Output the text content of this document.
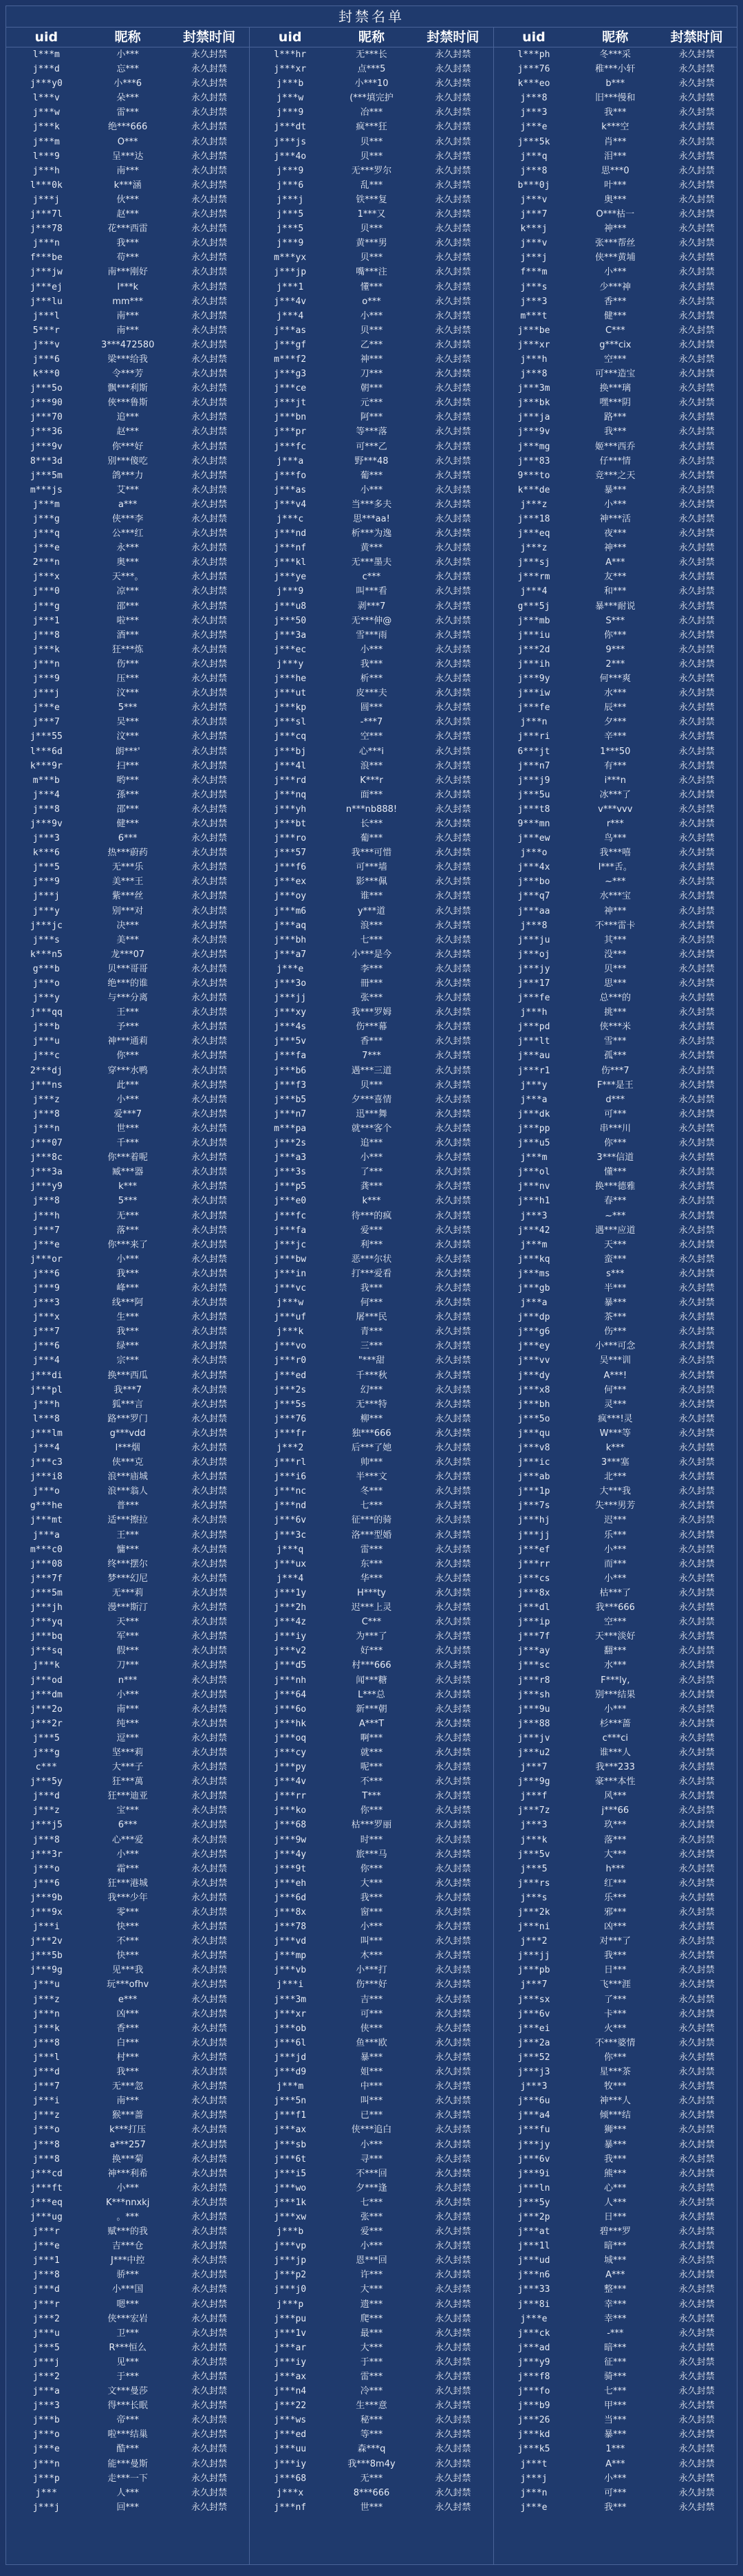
封禁名单
uid	昵称	封禁时间
l***m	小***	永久封禁
j***d	忘***	永久封禁
j***y0	小***6	永久封禁
l***v	朵***	永久封禁
j***w	雷***	永久封禁
j***k	绝***666	永久封禁
j***m	O***	永久封禁
l***9	呈***达	永久封禁
j***h	南***	永久封禁
l***0k	k***涵	永久封禁
j***j	伙***	永久封禁
j***7l	赵***	永久封禁
j***78	花***西雷	永久封禁
j***n	我***	永久封禁
f***be	苟***	永久封禁
j***jw	南***刚好	永久封禁
j***ej	l***k	永久封禁
j***lu	mm***	永久封禁
j***l	南***	永久封禁
5***r	南***	永久封禁
j***v	3***472580	永久封禁
j***6	梁***给我	永久封禁
k***0	令***芳	永久封禁
j***5o	飘***利斯	永久封禁
j***90	俠***鲁斯	永久封禁
j***70	追***	永久封禁
j***36	赵***	永久封禁
j***9v	你***好	永久封禁
8***3d	别***傻吃	永久封禁
j***5m	鸽***力	永久封禁
m***js	艾***	永久封禁
j***m	a***	永久封禁
j***g	侠***李	永久封禁
j***q	公***红	永久封禁
j***e	永***	永久封禁
2***n	奥***	永久封禁
j***x	天***。	永久封禁
j***0	凉***	永久封禁
j***g	邵***	永久封禁
j***1	啦***	永久封禁
j***8	酒***	永久封禁
j***k	狂***炼	永久封禁
j***n	伤***	永久封禁
j***9	压***	永久封禁
j***j	汶***	永久封禁
j***e	5***	永久封禁
j***7	吴***	永久封禁
j***55	汶***	永久封禁
l***6d	朗***'	永久封禁
k***9r	扫***	永久封禁
m***b	哟***	永久封禁
j***4	孫***	永久封禁
j***8	邵***	永久封禁
j***9v	健***	永久封禁
j***3	6***	永久封禁
k***6	热***蔚药	永久封禁
j***5	无***乐	永久封禁
j***9	美***王	永久封禁
j***j	紫***丝	永久封禁
j***y	别***对	永久封禁
j***jc	决***	永久封禁
j***s	美***	永久封禁
k***n5	龙***07	永久封禁
g***b	贝***哥哥	永久封禁
j***o	绝***的谁	永久封禁
j***y	与***分离	永久封禁
j***qq	王***	永久封禁
j***b	予***	永久封禁
j***u	神***通莉	永久封禁
j***c	你***	永久封禁
2***dj	穿***水鸭	永久封禁
j***ns	此***	永久封禁
j***z	小***	永久封禁
j***8	爱***7	永久封禁
j***n	世***	永久封禁
j***07	千***	永久封禁
j***8c	你***着呢	永久封禁
j***3a	臧***器	永久封禁
j***y9	k***	永久封禁
j***8	5***	永久封禁
j***h	无***	永久封禁
j***7	落***	永久封禁
j***e	你***来了	永久封禁
j***or	小***	永久封禁
j***6	我***	永久封禁
j***9	峰***	永久封禁
j***3	线***阿	永久封禁
j***x	生***	永久封禁
j***7	我***	永久封禁
j***6	绿***	永久封禁
j***4	宗***	永久封禁
j***di	换***西瓜	永久封禁
j***pl	我***7	永久封禁
j***h	狐***言	永久封禁
l***8	路***罗门	永久封禁
j***lm	g***vdd	永久封禁
j***4	l***烟	永久封禁
j***c3	侠***克	永久封禁
j***i8	浪***庙城	永久封禁
j***o	浪***翁人	永久封禁
g***he	普***	永久封禁
j***mt	适***擦拉	永久封禁
j***a	王***	永久封禁
m***c0	慵***	永久封禁
j***08	终***摆尔	永久封禁
j***7f	梦***幻尼	永久封禁
j***5m	无***莉	永久封禁
j***jh	漫***斯汀	永久封禁
j***yq	天***	永久封禁
j***bq	军***	永久封禁
j***sq	假***	永久封禁
j***k	刀***	永久封禁
j***od	n***	永久封禁
j***dm	小***	永久封禁
j***2o	南***	永久封禁
j***2r	纯***	永久封禁
j***5	逗***	永久封禁
j***g	坚***莉	永久封禁
c***	大***子	永久封禁
j***5y	狂***萬	永久封禁
j***d	狂***迪亚	永久封禁
j***z	宝***	永久封禁
j***j5	6***	永久封禁
j***8	心***爱	永久封禁
j***3r	小***	永久封禁
j***o	霜***	永久封禁
j***6	狂***港城	永久封禁
j***9b	我***少年	永久封禁
j***9x	零***	永久封禁
j***i	快***	永久封禁
j***2v	不***	永久封禁
j***5b	快***	永久封禁
j***9g	见***我	永久封禁
j***u	玩***ofhv	永久封禁
j***z	e***	永久封禁
j***n	凶***	永久封禁
j***k	香***	永久封禁
j***8	白***	永久封禁
j***l	村***	永久封禁
j***d	我***	永久封禁
j***7	无***忽	永久封禁
j***i	南***	永久封禁
j***z	猴***蔷	永久封禁
j***o	k***打压	永久封禁
j***8	a***257	永久封禁
j***8	换***菊	永久封禁
j***cd	神***利希	永久封禁
j***ft	小***	永久封禁
j***eq	K***nnxkj	永久封禁
j***ug	。***	永久封禁
j***r	赋***的我	永久封禁
j***e	吉***仓	永久封禁
j***1	J***中控	永久封禁
j***8	骄***	永久封禁
j***d	小***国	永久封禁
j***r	嗯***	永久封禁
j***2	侠***宏岩	永久封禁
j***u	卫***	永久封禁
j***5	R***恒么	永久封禁
j***j	见***	永久封禁
j***2	于***	永久封禁
j***a	文***曼莎	永久封禁
j***3	得***长眠	永久封禁
j***b	帝***	永久封禁
j***o	啦***结巢	永久封禁
j***e	酷***	永久封禁
j***n	能***曼斯	永久封禁
j***p	走***一下	永久封禁
j***	人***	永久封禁
j***j	回***	永久封禁
uid	昵称	封禁时间
l***hr	无***长	永久封禁
j***xr	点***5	永久封禁
j***b	小***10	永久封禁
j***w	(***填完护	永久封禁
j***9	冶***	永久封禁
j***dt	疯***狂	永久封禁
j***js	贝***	永久封禁
j***4o	贝***	永久封禁
j***9	无***罗尔	永久封禁
j***6	乱***	永久封禁
j***j	铁***复	永久封禁
j***5	1***又	永久封禁
j***5	贝***	永久封禁
j***9	黄***男	永久封禁
m***yx	贝***	永久封禁
j***jp	嘴***注	永久封禁
j***1	懂***	永久封禁
j***4v	o***	永久封禁
j***4	小***	永久封禁
j***as	贝***	永久封禁
j***gf	乙***	永久封禁
m***f2	神***	永久封禁
j***g3	刀***	永久封禁
j***ce	朝***	永久封禁
j***jt	元***	永久封禁
j***bn	阿***	永久封禁
j***pr	等***落	永久封禁
j***fc	可***乙	永久封禁
j***a	野***48	永久封禁
j***fo	葡***	永久封禁
j***as	小***	永久封禁
j***v4	当***多夫	永久封禁
j***c	思***aa!	永久封禁
j***nd	析***为逸	永久封禁
j***nf	黄***	永久封禁
j***kl	无***墨夫	永久封禁
j***ye	c***	永久封禁
j***9	叫***看	永久封禁
j***u8	剥***7	永久封禁
j***50	无***伸@	永久封禁
j***3a	雪***雨	永久封禁
j***ec	小***	永久封禁
j***y	我***	永久封禁
j***he	析***	永久封禁
j***ut	皮***夫	永久封禁
j***kp	圆***	永久封禁
j***sl	-***7	永久封禁
j***cq	空***	永久封禁
j***bj	心***i	永久封禁
j***4l	浪***	永久封禁
j***rd	K***r	永久封禁
j***nq	面***	永久封禁
j***yh	n***nb888!	永久封禁
j***bt	长***	永久封禁
j***ro	葡***	永久封禁
j***57	我***可惜	永久封禁
j***f6	可***墙	永久封禁
j***ex	影***佩	永久封禁
j***oy	谁***	永久封禁
j***m6	y***道	永久封禁
j***aq	浪***	永久封禁
j***bh	七***	永久封禁
j***a7	小***是今	永久封禁
j***e	李***	永久封禁
j***3o	冊***	永久封禁
j***jj	张***	永久封禁
j***xy	我***罗姆	永久封禁
j***4s	伤***幕	永久封禁
j***5v	香***	永久封禁
j***fa	7***	永久封禁
j***b6	遇***三道	永久封禁
j***f3	贝***	永久封禁
j***b5	夕***喜情	永久封禁
j***n7	迅***舞	永久封禁
m***pa	就***客个	永久封禁
j***2s	追***	永久封禁
j***a3	小***	永久封禁
j***3s	了***	永久封禁
j***p5	龚***	永久封禁
j***e0	k***	永久封禁
j***fc	待***的疯	永久封禁
j***fa	爱***	永久封禁
j***jc	利***	永久封禁
j***bw	恶***尔状	永久封禁
j***in	打***爱看	永久封禁
j***vc	我***	永久封禁
j***w	何***	永久封禁
j***uf	屠***民	永久封禁
j***k	青***	永久封禁
j***vo	三***	永久封禁
j***r0	"***甜	永久封禁
j***ed	千***秋	永久封禁
j***2s	幻***	永久封禁
j***5s	无***特	永久封禁
j***76	柳***	永久封禁
j***fr	独***666	永久封禁
j***2	后***了她	永久封禁
j***rl	帅***	永久封禁
j***i6	半***文	永久封禁
j***nc	冬***	永久封禁
j***nd	七***	永久封禁
j***6v	征***的骑	永久封禁
j***3c	洛***型婚	永久封禁
j***q	雷***	永久封禁
j***ux	东***	永久封禁
j***4	华***	永久封禁
j***1y	H***ty	永久封禁
j***2h	迟***上灵	永久封禁
j***4z	C***	永久封禁
j***iy	为***了	永久封禁
j***v2	好***	永久封禁
j***d5	村***666	永久封禁
j***nh	闻***糖	永久封禁
j***64	L***总	永久封禁
j***6o	新***朝	永久封禁
j***hk	A***T	永久封禁
j***oq	啊***	永久封禁
j***cy	就***	永久封禁
j***py	呢***	永久封禁
j***4v	不***	永久封禁
j***rr	T***	永久封禁
j***ko	你***	永久封禁
j***68	枯***罗丽	永久封禁
j***9w	时***	永久封禁
j***4y	旅***马	永久封禁
j***9t	你***	永久封禁
j***eh	大***	永久封禁
j***6d	我***	永久封禁
j***8x	窗***	永久封禁
j***78	小***	永久封禁
j***vd	叫***	永久封禁
j***mp	木***	永久封禁
j***vb	小***打	永久封禁
j***i	伤***好	永久封禁
j***3m	吉***	永久封禁
j***xr	可***	永久封禁
j***ob	侠***	永久封禁
j***6l	鱼***欧	永久封禁
j***jd	暴***	永久封禁
j***d9	姐***	永久封禁
j***m	中***	永久封禁
j***5n	叫***	永久封禁
j***f1	已***	永久封禁
j***ax	侠***追白	永久封禁
j***sb	小***	永久封禁
j***6t	寻***	永久封禁
j***i5	不***回	永久封禁
j***wo	夕***逢	永久封禁
j***1k	七***	永久封禁
j***xw	张***	永久封禁
j***b	爱***	永久封禁
j***vp	小***	永久封禁
j***jp	恩***回	永久封禁
j***p2	许***	永久封禁
j***j0	大***	永久封禁
j***p	遗***	永久封禁
j***pu	爬***	永久封禁
j***1v	最***	永久封禁
j***ar	大***	永久封禁
j***iy	于***	永久封禁
j***ax	雷***	永久封禁
j***n4	冷***	永久封禁
j***22	生***意	永久封禁
j***ws	秘***	永久封禁
j***ed	等***	永久封禁
j***uu	森***q	永久封禁
j***iy	我***8m4y	永久封禁
j***68	无***	永久封禁
j***x	8***666	永久封禁
j***nf	世***	永久封禁
uid	昵称	封禁时间
l***ph	冬***采	永久封禁
j***76	稚***小轩	永久封禁
k***eo	b***	永久封禁
j***8	旧***慢和	永久封禁
j***3	我***	永久封禁
j***e	k***空	永久封禁
j***5k	肖***	永久封禁
j***q	泪***	永久封禁
j***8	思***0	永久封禁
b***0j	叶***	永久封禁
j***v	奥***	永久封禁
j***7	O***枯一	永久封禁
k***j	神***	永久封禁
j***v	张***帮丝	永久封禁
j***j	侠***黄埔	永久封禁
f***m	小***	永久封禁
j***s	少***神	永久封禁
j***3	香***	永久封禁
m***t	健***	永久封禁
j***be	C***	永久封禁
j***xr	g***cix	永久封禁
j***h	空***	永久封禁
j***8	可***造宝	永久封禁
j***3m	换***璃	永久封禁
j***bk	嘿***阴	永久封禁
j***ja	路***	永久封禁
j***9v	我***	永久封禁
j***mg	姬***西乔	永久封禁
j***83	仔***情	永久封禁
9***to	竞***之天	永久封禁
k***de	暴***	永久封禁
j***z	小***	永久封禁
j***18	神***活	永久封禁
j***eq	夜***	永久封禁
j***z	神***	永久封禁
j***sj	A***	永久封禁
j***rm	友***	永久封禁
j***4	和***	永久封禁
g***5j	暴***耐说	永久封禁
j***mb	S***	永久封禁
j***iu	你***	永久封禁
j***2d	9***	永久封禁
j***ih	2***	永久封禁
j***9y	何***爽	永久封禁
j***iw	水***	永久封禁
j***fe	辰***	永久封禁
j***n	夕***	永久封禁
j***ri	辛***	永久封禁
6***jt	1***50	永久封禁
j***n7	有***	永久封禁
j***j9	i***n	永久封禁
j***5u	冰***了	永久封禁
j***t8	v***vvv	永久封禁
9***mn	r***	永久封禁
j***ew	鸟***	永久封禁
j***o	我***嘻	永久封禁
j***4x	l***舌。	永久封禁
j***bo	~***	永久封禁
j***q7	水***宝	永久封禁
j***aa	神***	永久封禁
j***8	不***雷卡	永久封禁
j***ju	其***	永久封禁
j***oj	没***	永久封禁
j***jy	贝***	永久封禁
j***17	思***	永久封禁
j***fe	总***的	永久封禁
j***h	挑***	永久封禁
j***pd	侠***米	永久封禁
j***lt	雪***	永久封禁
j***au	孤***	永久封禁
j***r1	伤***7	永久封禁
j***y	F***是王	永久封禁
j***a	d***	永久封禁
j***dk	可***	永久封禁
j***pp	串***川	永久封禁
j***u5	你***	永久封禁
j***m	3***信道	永久封禁
j***ol	懂***	永久封禁
j***nv	换***德雅	永久封禁
j***h1	春***	永久封禁
j***3	~***	永久封禁
j***42	遇***应道	永久封禁
j***m	天***	永久封禁
j***kq	蛮***	永久封禁
j***ms	s***	永久封禁
j***gb	半***	永久封禁
j***a	暴***	永久封禁
j***dp	茶***	永久封禁
j***g6	伤***	永久封禁
j***ey	小***可念	永久封禁
j***vv	吴***训	永久封禁
j***dy	A***!	永久封禁
j***x8	何***	永久封禁
j***bh	灵***	永久封禁
j***5o	疯***!灵	永久封禁
j***qu	W***等	永久封禁
j***v8	k***	永久封禁
j***ic	3***塞	永久封禁
j***ab	北***	永久封禁
j***1p	大***我	永久封禁
j***7s	失***男芳	永久封禁
j***hj	迟***	永久封禁
j***jj	乐***	永久封禁
j***ef	小***	永久封禁
j***rr	而***	永久封禁
j***cs	小***	永久封禁
j***8x	枯***了	永久封禁
j***dl	我***666	永久封禁
j***ip	空***	永久封禁
j***7f	天***淡好	永久封禁
j***ay	翻***	永久封禁
j***sc	水***	永久封禁
j***r8	F***ly,	永久封禁
j***sh	别***结果	永久封禁
j***9u	小***	永久封禁
j***88	杉***蔷	永久封禁
j***jv	c***ci	永久封禁
j***u2	谁***人	永久封禁
j***7	我***233	永久封禁
j***9g	豪***本性	永久封禁
j***f	风***	永久封禁
j***7z	j***66	永久封禁
j***3	玖***	永久封禁
j***k	落***	永久封禁
j***5v	大***	永久封禁
j***5	h***	永久封禁
j***rs	红***	永久封禁
j***s	乐***	永久封禁
j***2k	邪***	永久封禁
j***ni	凶***	永久封禁
j***2	对***了	永久封禁
j***jj	我***	永久封禁
j***pb	日***	永久封禁
j***7	飞***涯	永久封禁
j***sx	了***	永久封禁
j***6v	卡***	永久封禁
j***ei	火***	永久封禁
j***2a	不***婆情	永久封禁
j***52	你***	永久封禁
j***j3	星***茶	永久封禁
j***3	牧***	永久封禁
j***6u	神***人	永久封禁
j***a4	倾***结	永久封禁
j***fu	狮***	永久封禁
j***jy	暴***	永久封禁
j***6v	我***	永久封禁
j***9i	熊***	永久封禁
j***ln	心***	永久封禁
j***5y	人***	永久封禁
j***2p	日***	永久封禁
j***at	碧***罗	永久封禁
j***1l	暗***	永久封禁
j***ud	城***	永久封禁
j***n6	A***	永久封禁
j***33	整***	永久封禁
j***8i	幸***	永久封禁
j***e	幸***	永久封禁
j***ck	-***	永久封禁
j***ad	暗***	永久封禁
j***y9	征***	永久封禁
j***f8	骑***	永久封禁
j***fo	七***	永久封禁
j***b9	甲***	永久封禁
j***26	当***	永久封禁
j***kd	暴***	永久封禁
j***k5	1***	永久封禁
j***t	A***	永久封禁
j***j	小***	永久封禁
j***n	可***	永久封禁
j***e	我***	永久封禁
